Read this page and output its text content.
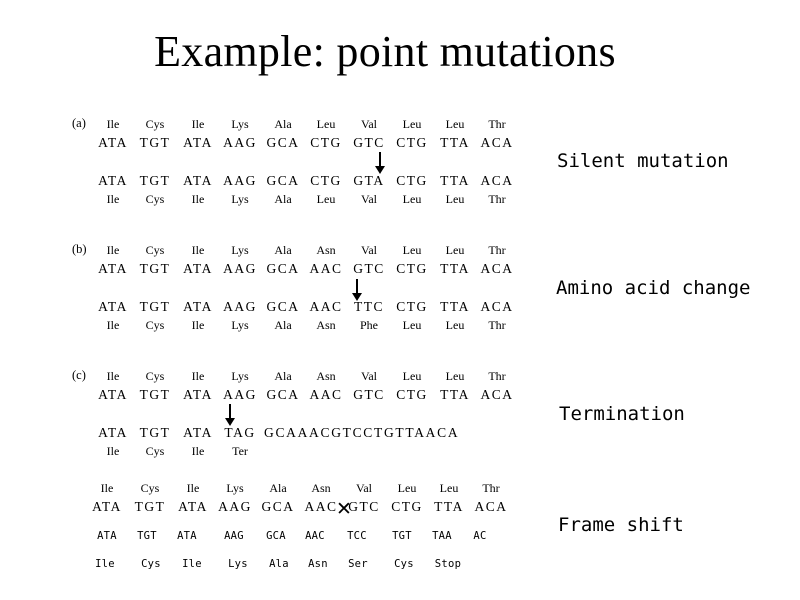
Example: point mutations
(a) Ile Cys Ile Lys Ala Leu Val Leu Leu Thr
ATA TGT ATA AAG GCA CTG GTC CTG TTA ACA
ATA TGT ATA AAG GCA CTG GTA CTG TTA ACA
Ile Cys Ile Lys Ala Leu Val Leu Leu Thr
Silent mutation
(b) Ile Cys Ile Lys Ala Asn Val Leu Leu Thr
ATA TGT ATA AAG GCA AAC GTC CTG TTA ACA
ATA TGT ATA AAG GCA AAC TTC CTG TTA ACA
Ile Cys Ile Lys Ala Asn Phe Leu Leu Thr
Amino acid change
(c) Ile Cys Ile Lys Ala Asn Val Leu Leu Thr
ATA TGT ATA AAG GCA AAC GTC CTG TTA ACA
ATA TGT ATA TAG GCAAACGTCCTGTTAACA
Ile Cys Ile Ter
Termination
Ile Cys Ile Lys Ala Asn Val Leu Leu Thr
ATA TGT ATA AAG GCA AAC GTC CTG TTA ACA
✕
ATA TGT ATA	AAG GCA AAC TCC TGT TAA AC
Ile Cys Ile Lys Ala Asn Ser Cys Stop
Frame shift
